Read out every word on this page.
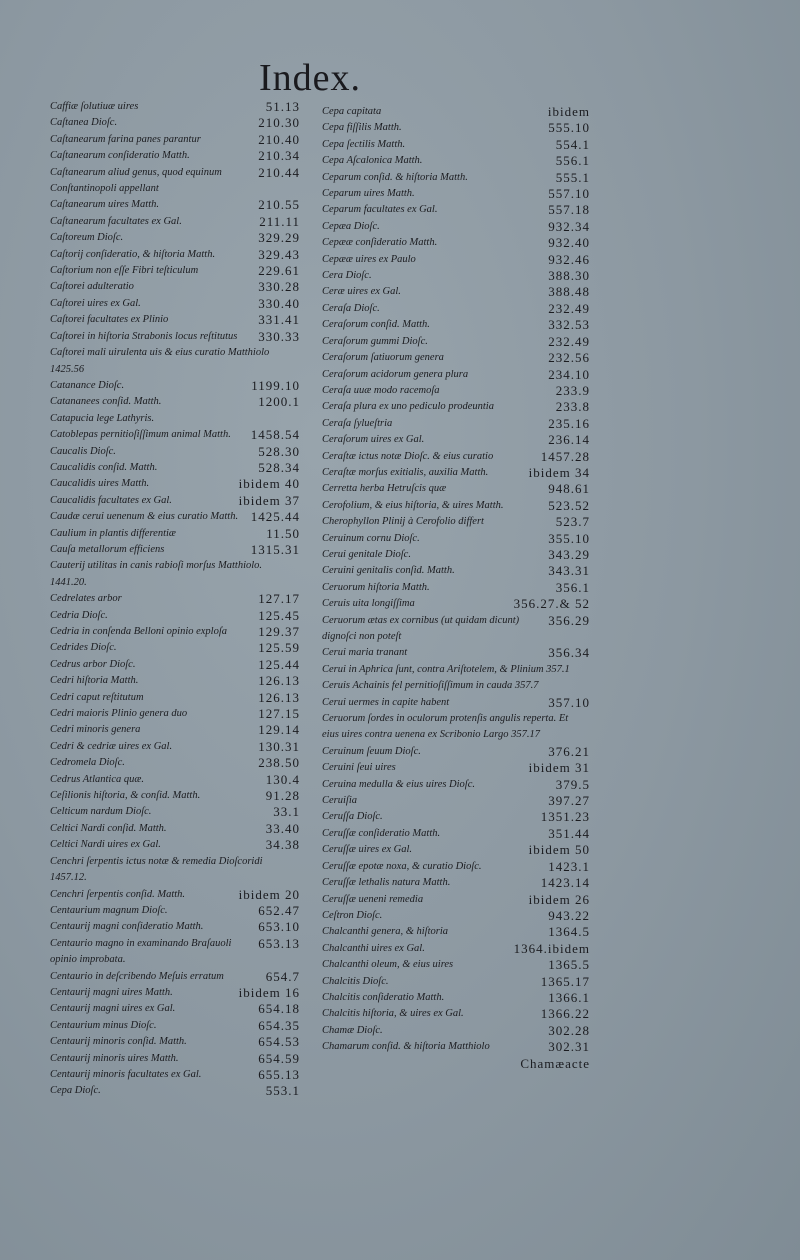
Index.
Caffiæ ſolutiuæ uires	51.13
Caſtanea Dioſc.	210.30
Caſtanearum farina panes parantur	210.40
Caſtanearum conſideratio Matth.	210.34
Caſtanearum aliud genus, quod equinum Conſtantinopoli appellant
210.44
Caſtanearum uires Matth.	210.55
Caſtanearum facultates ex Gal.	211.11
Caſtoreum Dioſc.	329.29
Caſtorij conſideratio, & hiſtoria Matth.	329.43
Caſtorium non eſſe Fibri teſticulum	229.61
Caſtorei adulteratio	330.28
Caſtorei uires ex Gal.	330.40
Caſtorei facultates ex Plinio	331.41
Caſtorei in hiſtoria Strabonis locus reſtitutus	330.33
Caſtorei mali uirulenta uis & eius curatio Matthiolo 1425.56
Catanance Dioſc.	1199.10
Catananees conſid. Matth.	1200.1
Catapucia lege Lathyris.
Catoblepas pernitioſiſſimum animal Matth.	1458.54
Caucalis Dioſc.	528.30
Caucalidis conſid. Matth.	528.34
Caucalidis uires Matth.	ibidem 40
Caucalidis facultates ex Gal.	ibidem 37
Caudæ cerui uenenum & eius curatio Matth. 1425.44
Caulium in plantis differentiæ	11.50
Cauſa metallorum efficiens	1315.31
Cauterij utilitas in canis rabioſi morſus Matthiolo. 1441.20.
Cedrelates arbor	127.17
Cedria Dioſc.	125.45
Cedria in conſenda Belloni opinio exploſa	129.37
Cedrides Dioſc.	125.59
Cedrus arbor Dioſc.	125.44
Cedri hiſtoria Matth.	126.13
Cedri caput reſtitutum	126.13
Cedri maioris Plinio genera duo	127.15
Cedri minoris genera	129.14
Cedri & cedriæ uires ex Gal.	130.31
Cedromela Dioſc.	238.50
Cedrus Atlantica quæ.	130.4
Ceſilionis hiſtoria, & conſid. Matth.	91.28
Celticum nardum Dioſc.	33.1
Celtici Nardi conſid. Matth.	33.40
Celtici Nardi uires ex Gal.	34.38
Cenchri ſerpentis ictus notæ & remedia Dioſcoridi 1457.12.
Cenchri ſerpentis conſid. Matth.	ibidem 20
Centaurium magnum Dioſc.	652.47
Centaurij magni conſideratio Matth.	653.10
Centaurio magno in examinando Braſauoli opinio improbata.
653.13
Centaurio in deſcribendo Meſuis erratum	654.7
Centaurij magni uires Matth.	ibidem 16
Centaurij magni uires ex Gal.	654.18
Centaurium minus Dioſc.	654.35
Centaurij minoris conſid. Matth.	654.53
Centaurij minoris uires Matth.	654.59
Centaurij minoris facultates ex Gal.	655.13
Cepa Dioſc.	553.1
Cepa capitata	ibidem
Cepa fiſſilis Matth.	555.10
Cepa ſectilis Matth.	554.1
Cepa Aſcalonica Matth.	556.1
Ceparum conſid. & hiſtoria Matth.	555.1
Ceparum uires Matth.	557.10
Ceparum facultates ex Gal.	557.18
Cepæa Dioſc.	932.34
Cepææ conſideratio Matth.	932.40
Cepææ uires ex Paulo	932.46
Cera Dioſc.	388.30
Ceræ uires ex Gal.	388.48
Ceraſa Dioſc.	232.49
Ceraſorum conſid. Matth.	332.53
Ceraſorum gummi Dioſc.	232.49
Ceraſorum ſatiuorum genera	232.56
Ceraſorum acidorum genera plura	234.10
Ceraſa uuæ modo racemoſa	233.9
Ceraſa plura ex uno pediculo prodeuntia	233.8
Ceraſa ſylueſtria	235.16
Ceraſorum uires ex Gal.	236.14
Ceraſtæ ictus notæ Dioſc. & eius curatio	1457.28
Ceraſtæ morſus exitialis, auxilia Matth.	ibidem 34
Cerretta herba Hetruſcis quæ	948.61
Cerofolium, & eius hiſtoria, & uires Matth.	523.52
Cherophyllon Plinij à Cerofolio differt	523.7
Ceruinum cornu Dioſc.	355.10
Cerui genitale Dioſc.	343.29
Ceruini genitalis conſid. Matth.	343.31
Ceruorum hiſtoria Matth.	356.1
Ceruis uita longiſſima	356.27.& 52
Ceruorum ætas ex cornibus (ut quidam dicunt) dignoſci non poteſt
356.29
Cerui maria tranant	356.34
Cerui in Aphrica ſunt, contra Ariſtotelem, & Plinium 357.1
Ceruis Achainis fel pernitioſiſſimum in cauda 357.7
Cerui uermes in capite habent	357.10
Ceruorum ſordes in oculorum protenſis angulis reperta. Et eius uires contra uenena ex Scribonio Largo 357.17
Ceruinum ſeuum Dioſc.	376.21
Ceruini ſeui uires	ibidem 31
Ceruina medulla & eius uires Dioſc.	379.5
Ceruiſia	397.27
Ceruſſa Dioſc.	1351.23
Ceruſſæ conſideratio Matth.	351.44
Ceruſſæ uires ex Gal.	ibidem 50
Ceruſſæ epotæ noxa, & curatio Dioſc.	1423.1
Ceruſſæ lethalis natura Matth.	1423.14
Ceruſſæ ueneni remedia	ibidem 26
Ceſtron Dioſc.	943.22
Chalcanthi genera, & hiſtoria	1364.5
Chalcanthi uires ex Gal.	1364.ibidem
Chalcanthi oleum, & eius uires	1365.5
Chalcitis Dioſc.	1365.17
Chalcitis conſideratio Matth.	1366.1
Chalcitis hiſtoria, & uires ex Gal.	1366.22
Chamæ Dioſc.	302.28
Chamarum conſid. & hiſtoria Matthiolo	302.31
Chamæacte
